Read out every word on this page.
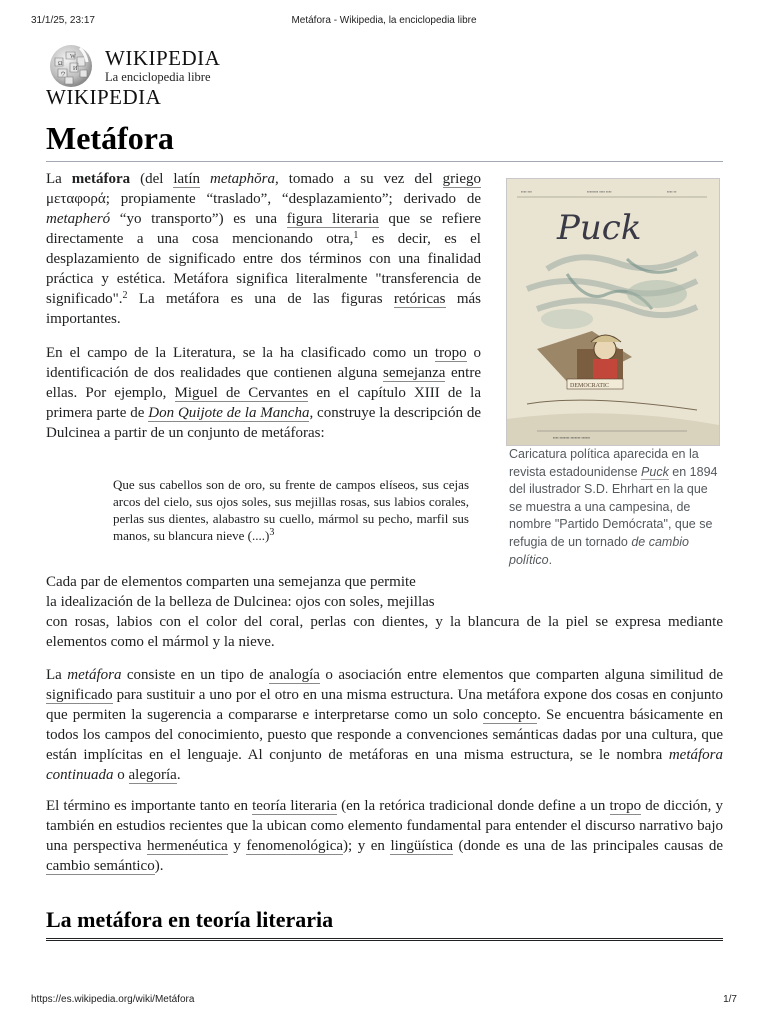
31/1/25, 23:17	Metáfora - Wikipedia, la enciclopedia libre
Ω
W
И
ウ
WIKIPEDIA
La enciclopedia libre
WIKIPEDIA
Metáfora

La metáfora (del latín metaphŏra, tomado a su vez del griego μεταφορά; propiamente “traslado”, “desplazamiento”; derivado de metapheró “yo transporto”) es una figura literaria que se refiere directamente a una cosa mencionando otra,$^1$ es decir, es el desplazamiento de significado entre dos términos con una finalidad práctica y estética. Metáfora significa literalmente "transferencia de significado".$^2$ La metáfora es una de las figuras retóricas más importantes.

En el campo de la Literatura, se la ha clasificado como un tropo o identificación de dos realidades que contienen alguna semejanza entre ellas. Por ejemplo, Miguel de Cervantes en el capítulo XIII de la primera parte de Don Quijote de la Mancha, construye la descripción de Dulcinea a partir de un conjunto de metáforas:

Que sus cabellos son de oro, su frente de campos elíseos, sus cejas arcos del cielo, sus ojos soles, sus mejillas rosas, sus labios corales, perlas sus dientes, alabastro su cuello, mármol su pecho, marfil sus manos, su blancura nieve (....)$^3$

Cada par de elementos comparten una semejanza que permite
la idealización de la belleza de Dulcinea: ojos con soles, mejillas

con rosas, labios con el color del coral, perlas con dientes, y la blancura de la piel se expresa mediante elementos como el mármol y la nieve.

La metáfora consiste en un tipo de analogía o asociación entre elementos que comparten alguna similitud de significado para sustituir a uno por el otro en una misma estructura. Una metáfora expone dos cosas en conjunto que permiten la sugerencia a compararse e interpretarse como un solo concepto. Se encuentra básicamente en todos los campos del conocimiento, puesto que responde a convenciones semánticas dadas por una cultura, que están implícitas en el lenguaje. Al conjunto de metáforas en una misma estructura, se le nombra metáfora continuada o alegoría.

El término es importante tanto en teoría literaria (en la retórica tradicional donde define a un tropo de dicción, y también en estudios recientes que la ubican como elemento fundamental para entender el discurso narrativo bajo una perspectiva hermenéutica y fenomenológica); y en lingüística (donde es una de las principales causas de cambio semántico).

▪▪▪▪ ▪▪▪	▪▪▪▪▪▪▪▪ ▪▪▪▪ ▪▪▪▪	▪▪▪▪ ▪▪
Puck
DEMOCRATIC
▪▪▪▪ ▪▪▪▪▪▪▪ ▪▪▪▪▪▪▪ ▪▪▪▪▪▪

Caricatura política aparecida en la revista estadounidense Puck en 1894 del ilustrador S.D. Ehrhart en la que se muestra a una campesina, de nombre "Partido Demócrata", que se refugia de un tornado de cambio político.

La metáfora en teoría literaria
https://es.wikipedia.org/wiki/Metáfora	1/7
